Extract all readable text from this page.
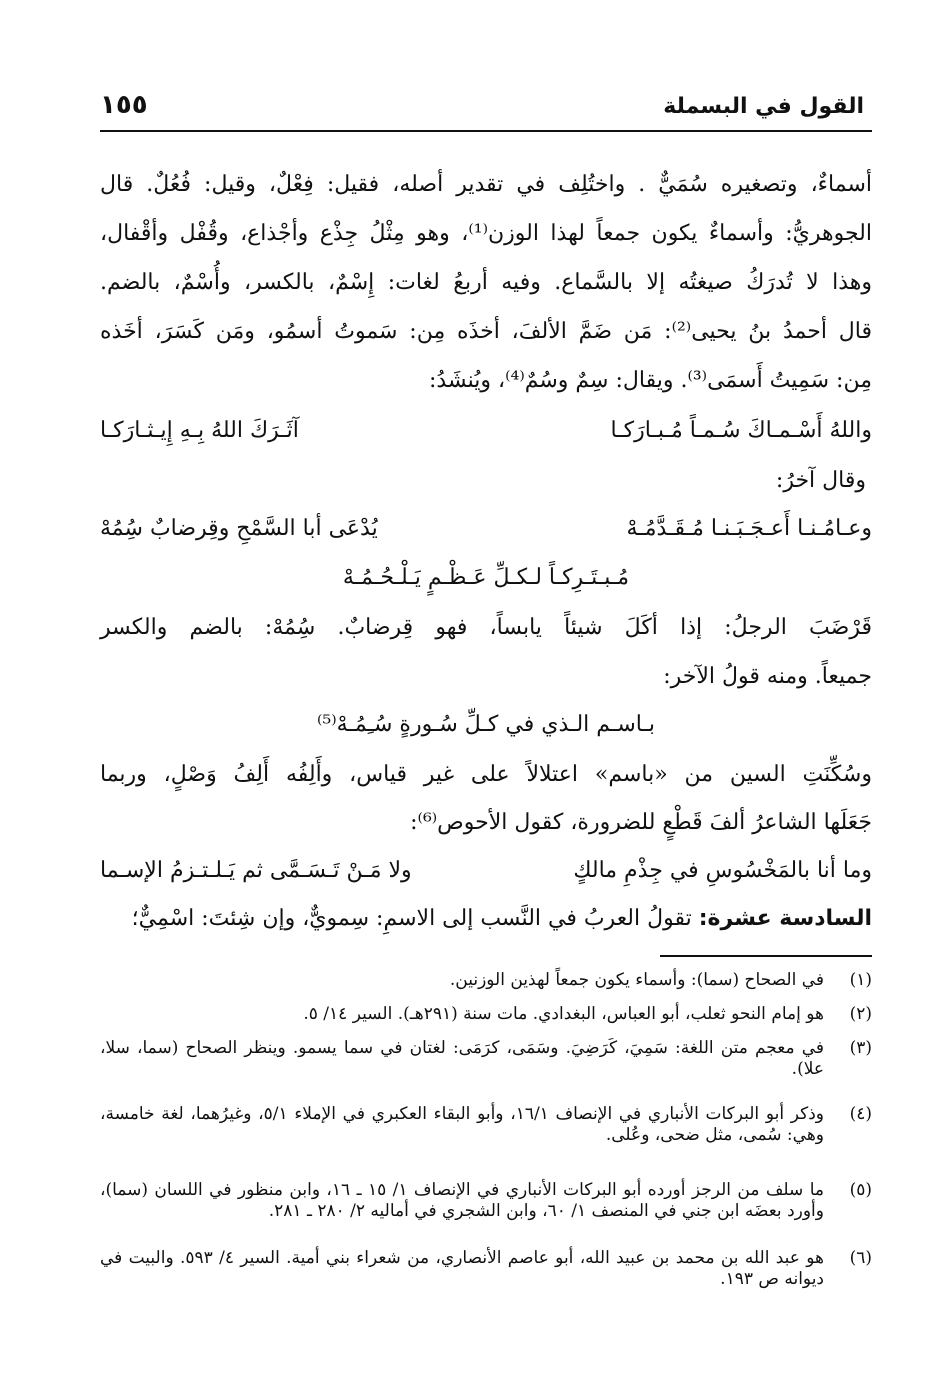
القول في البسملة
١٥٥
أسماءٌ، وتصغيره سُمَيٌّ . واختُلِف في تقدير أصله، فقيل: فِعْلٌ، وقيل: فُعُلٌ. قال
الجوهريُّ: وأسماءٌ يكون جمعاً لهذا الوزن⁽¹⁾، وهو مِثْلُ جِذْع وأجْذاع، وقُفْل وأقْفال،
وهذا لا تُدرَكُ صيغتُه إلا بالسَّماع. وفيه أربعُ لغات: إِسْمٌ، بالكسر، وأُسْمٌ، بالضم.
قال أحمدُ بنُ يحيى⁽²⁾: مَن ضَمَّ الألفَ، أخذَه مِن: سَموتُ أسمُو، ومَن كَسَرَ، أخَذه
مِن: سَمِيتُ أَسمَى⁽³⁾. ويقال: سِمٌ وسُمٌ⁽⁴⁾، ويُنشَدُ:
واللهُ أَسْـمـاكَ سُـمـاً مُـبـارَكـا
آثَـرَكَ اللهُ بِـهِ إِيـثـارَكـا
وقال آخرُ:
وعـامُـنـا أَعـجَـبَـنـا مُـقَـدَّمُـهْ
يُدْعَى أبا السَّمْحِ وقِرضابٌ سُِمُهْ
مُـبـتَـرِكـاً لـكـلِّ عَـظْـمٍ يَـلْـحُـمُـهْ
قَرْضَبَ الرجلُ: إذا أكَلَ شيئاً يابساً، فهو قِرضابٌ. سُِمُهْ: بالضم والكسر
جميعاً. ومنه قولُ الآخر:
بـاسـم الـذي في كـلِّ سُـورةٍ سُـِمُـهْ⁽⁵⁾
وسُكِّنَتِ السين من «باسم» اعتلالاً على غير قياس، وأَلِفُه أَلِفُ وَصْلٍ، وربما
جَعَلَها الشاعرُ ألفَ قَطْعٍ للضرورة، كقول الأحوص⁽⁶⁾:
وما أنا بالمَخْسُوسِ في جِذْمِ مالكٍ
ولا مَـنْ تَـسَـمَّى ثم يَـلـتـزمُ الإسـما
السادسة عشرة: تقولُ العربُ في النَّسب إلى الاسمِ: سِمويٌّ، وإن شِئتَ: اسْمِيٌّ؛
(١)
في الصحاح (سما): وأسماء يكون جمعاً لهذين الوزنين.
(٢)
هو إمام النحو ثعلب، أبو العباس، البغدادي. مات سنة (٢٩١هـ). السير ١٤/ ٥.
(٣)
في معجم متن اللغة: سَمِيَ، كَرَضِيَ. وسَمَى، كرَمَى: لغتان في سما يسمو. وينظر الصحاح (سما، سلا، علا).
(٤)
وذكر أبو البركات الأنباري في الإنصاف ١٦/١، وأبو البقاء العكبري في الإملاء ٥/١، وغيرُهما، لغة خامسة، وهي: سُمى، مثل ضحى، وعُلى.
(٥)
ما سلف من الرجز أورده أبو البركات الأنباري في الإنصاف ١/ ١٥ ـ ١٦، وابن منظور في اللسان (سما)، وأورد بعضَه ابن جني في المنصف ١/ ٦٠، وابن الشجري في أماليه ٢/ ٢٨٠ ـ ٢٨١.
(٦)
هو عبد الله بن محمد بن عبيد الله، أبو عاصم الأنصاري، من شعراء بني أمية. السير ٤/ ٥٩٣. والبيت في ديوانه ص ١٩٣.
